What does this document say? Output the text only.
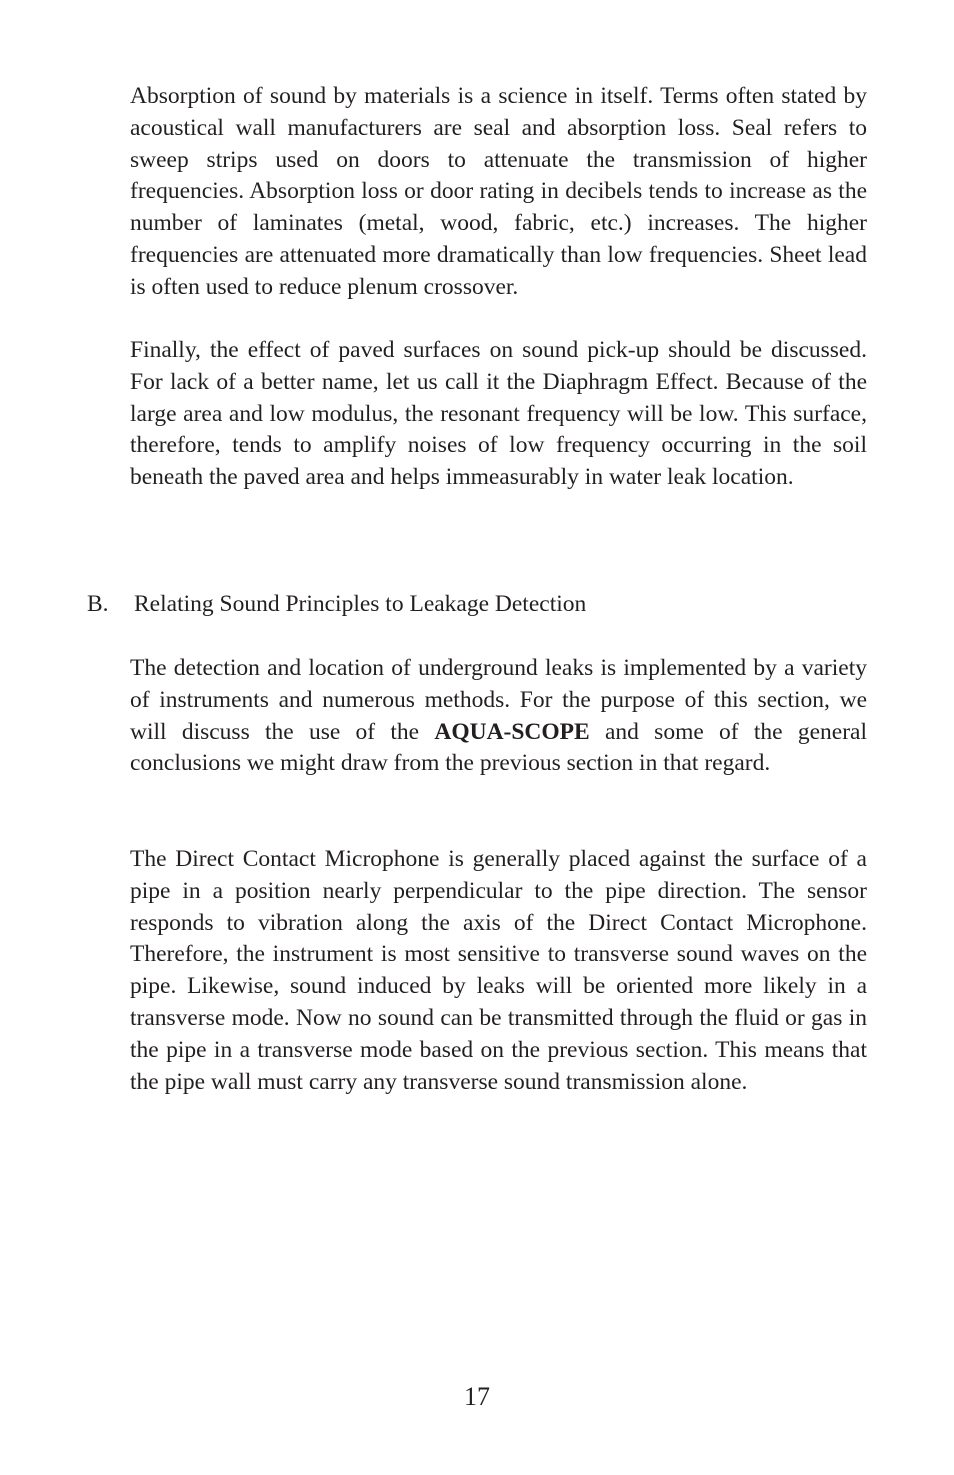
Absorption of sound by materials is a science in itself. Terms often stated by acoustical wall manufacturers are seal and absorption loss. Seal refers to sweep strips used on doors to attenuate the transmission of higher frequencies. Absorption loss or door rating in decibels tends to increase as the number of laminates (metal, wood, fabric, etc.) increases. The higher frequencies are attenuated more dramatically than low frequencies. Sheet lead is often used to reduce plenum crossover.

Finally, the effect of paved surfaces on sound pick-up should be discussed. For lack of a better name, let us call it the Diaphragm Effect. Because of the large area and low modulus, the resonant frequency will be low. This surface, therefore, tends to amplify noises of low frequency occurring in the soil beneath the paved area and helps immeasurably in water leak location.

B. Relating Sound Principles to Leakage Detection

The detection and location of underground leaks is implemented by a variety of instruments and numerous methods. For the purpose of this section, we will discuss the use of the AQUA-SCOPE and some of the general conclusions we might draw from the previous section in that regard.

The Direct Contact Microphone is generally placed against the surface of a pipe in a position nearly perpendicular to the pipe direction. The sensor responds to vibration along the axis of the Direct Contact Microphone. Therefore, the instrument is most sensitive to transverse sound waves on the pipe. Likewise, sound induced by leaks will be oriented more likely in a transverse mode. Now no sound can be transmitted through the fluid or gas in the pipe in a transverse mode based on the previous section. This means that the pipe wall must carry any transverse sound transmission alone.

17
